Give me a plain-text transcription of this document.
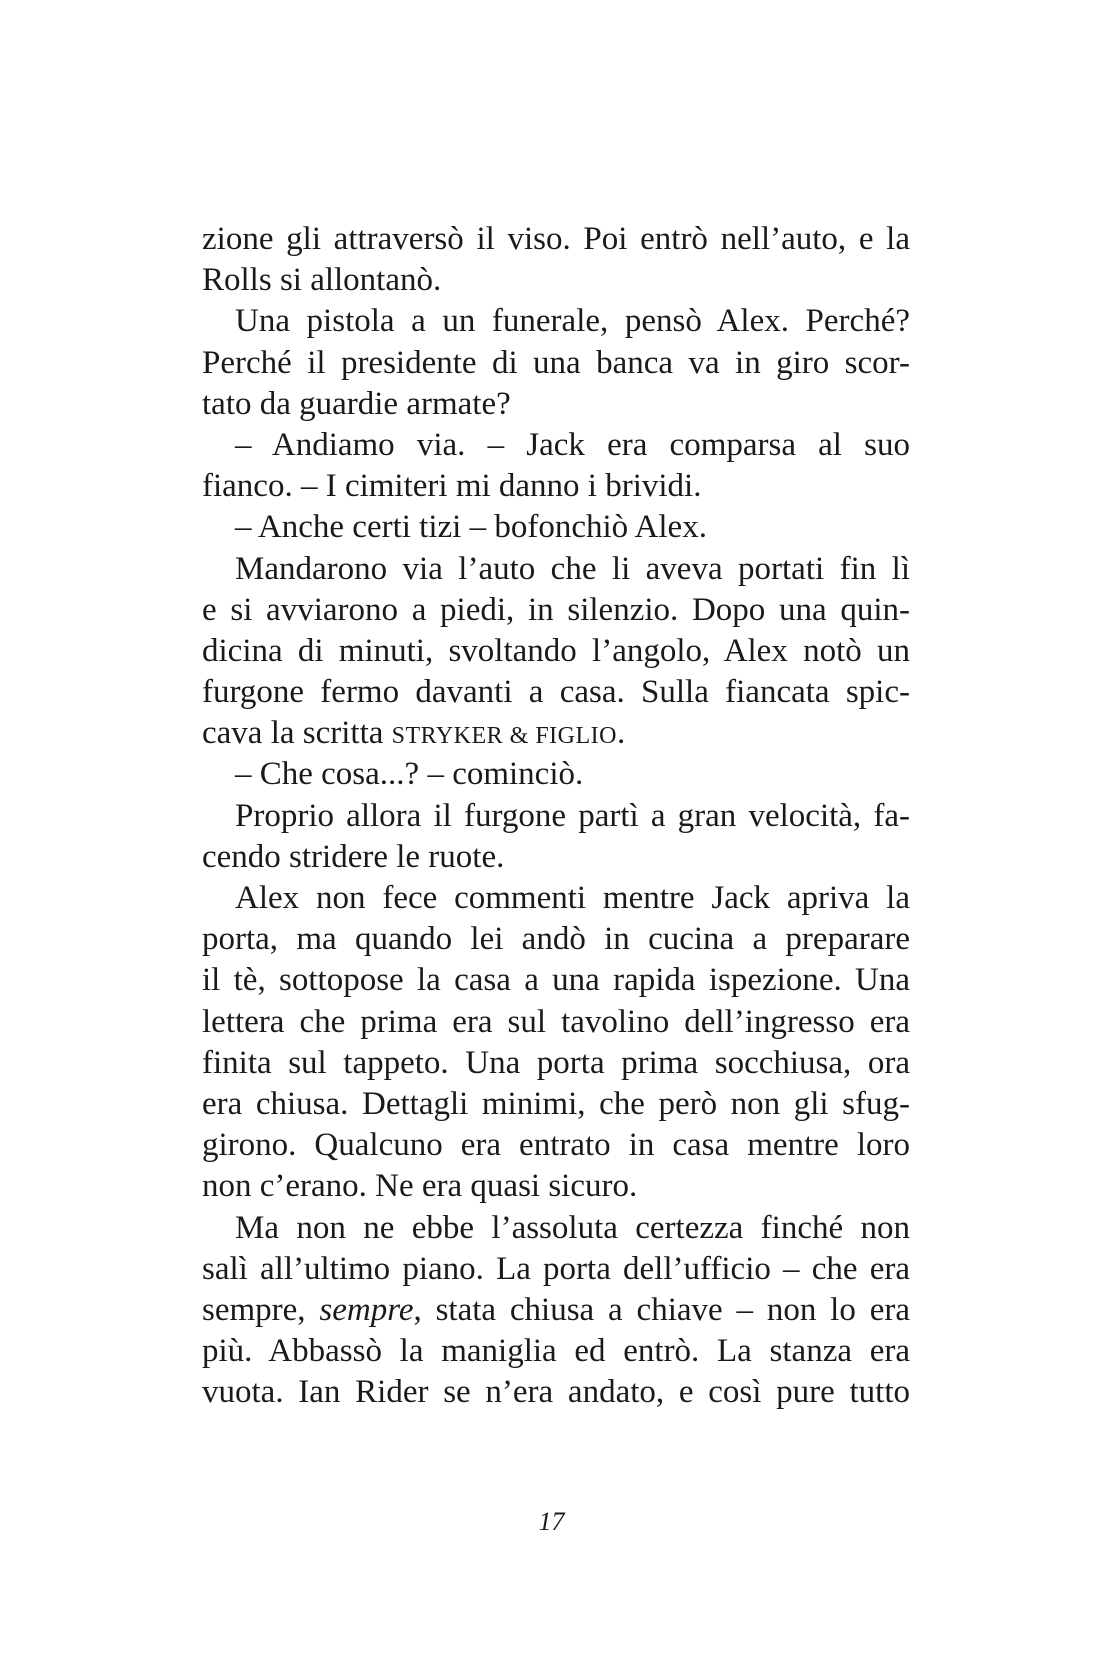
zione gli attraversò il viso. Poi entrò nell’auto, e la
Rolls si allontanò.
Una pistola a un funerale, pensò Alex. Perché?
Perché il presidente di una banca va in giro scor-
tato da guardie armate?
– Andiamo via. – Jack era comparsa al suo
fianco. – I cimiteri mi danno i brividi.
– Anche certi tizi – bofonchiò Alex.
Mandarono via l’auto che li aveva portati fin lì
e si avviarono a piedi, in silenzio. Dopo una quin-
dicina di minuti, svoltando l’angolo, Alex notò un
furgone fermo davanti a casa. Sulla fiancata spic-
cava la scritta STRYKER & FIGLIO.
– Che cosa...? – cominciò.
Proprio allora il furgone partì a gran velocità, fa-
cendo stridere le ruote.
Alex non fece commenti mentre Jack apriva la
porta, ma quando lei andò in cucina a preparare
il tè, sottopose la casa a una rapida ispezione. Una
lettera che prima era sul tavolino dell’ingresso era
finita sul tappeto. Una porta prima socchiusa, ora
era chiusa. Dettagli minimi, che però non gli sfug-
girono. Qualcuno era entrato in casa mentre loro
non c’erano. Ne era quasi sicuro.
Ma non ne ebbe l’assoluta certezza finché non
salì all’ultimo piano. La porta dell’ufficio – che era
sempre, sempre, stata chiusa a chiave – non lo era
più. Abbassò la maniglia ed entrò. La stanza era
vuota. Ian Rider se n’era andato, e così pure tutto
17
